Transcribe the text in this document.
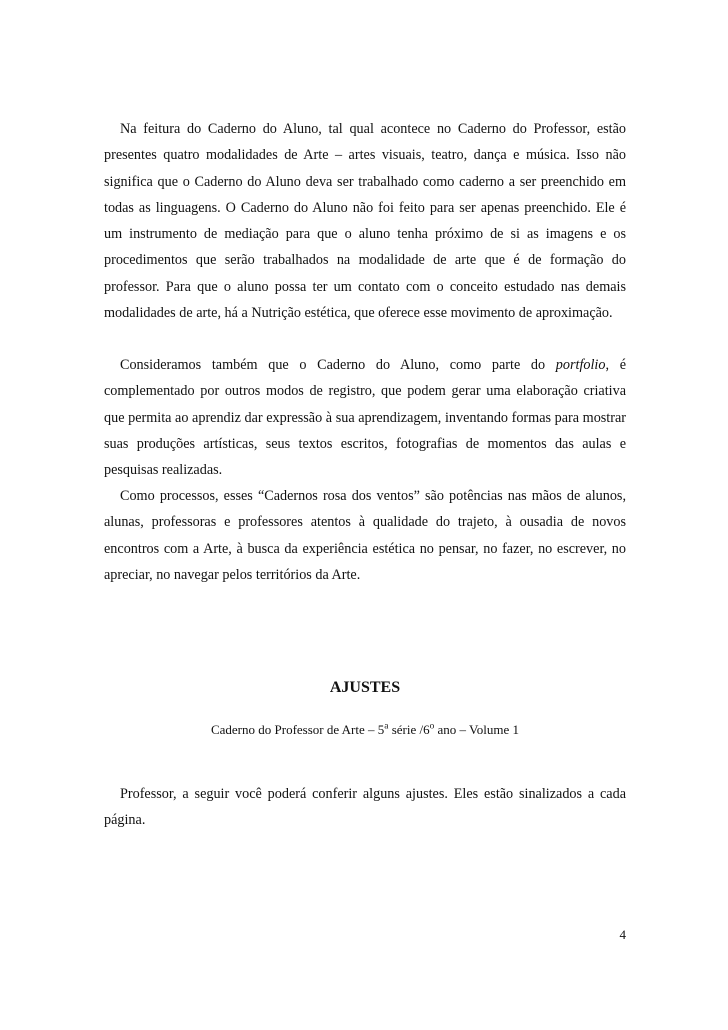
Na feitura do Caderno do Aluno, tal qual acontece no Caderno do Professor, estão presentes quatro modalidades de Arte – artes visuais, teatro, dança e música. Isso não significa que o Caderno do Aluno deva ser trabalhado como caderno a ser preenchido em todas as linguagens. O Caderno do Aluno não foi feito para ser apenas preenchido. Ele é um instrumento de mediação para que o aluno tenha próximo de si as imagens e os procedimentos que serão trabalhados na modalidade de arte que é de formação do professor. Para que o aluno possa ter um contato com o conceito estudado nas demais modalidades de arte, há a Nutrição estética, que oferece esse movimento de aproximação.

Consideramos também que o Caderno do Aluno, como parte do portfolio, é complementado por outros modos de registro, que podem gerar uma elaboração criativa que permita ao aprendiz dar expressão à sua aprendizagem, inventando formas para mostrar suas produções artísticas, seus textos escritos, fotografias de momentos das aulas e pesquisas realizadas.

Como processos, esses “Cadernos rosa dos ventos” são potências nas mãos de alunos, alunas, professoras e professores atentos à qualidade do trajeto, à ousadia de novos encontros com a Arte, à busca da experiência estética no pensar, no fazer, no escrever, no apreciar, no navegar pelos territórios da Arte.

AJUSTES

Caderno do Professor de Arte – 5$^a$ série /6$^o$ ano – Volume 1

Professor, a seguir você poderá conferir alguns ajustes. Eles estão sinalizados a cada página.

4
